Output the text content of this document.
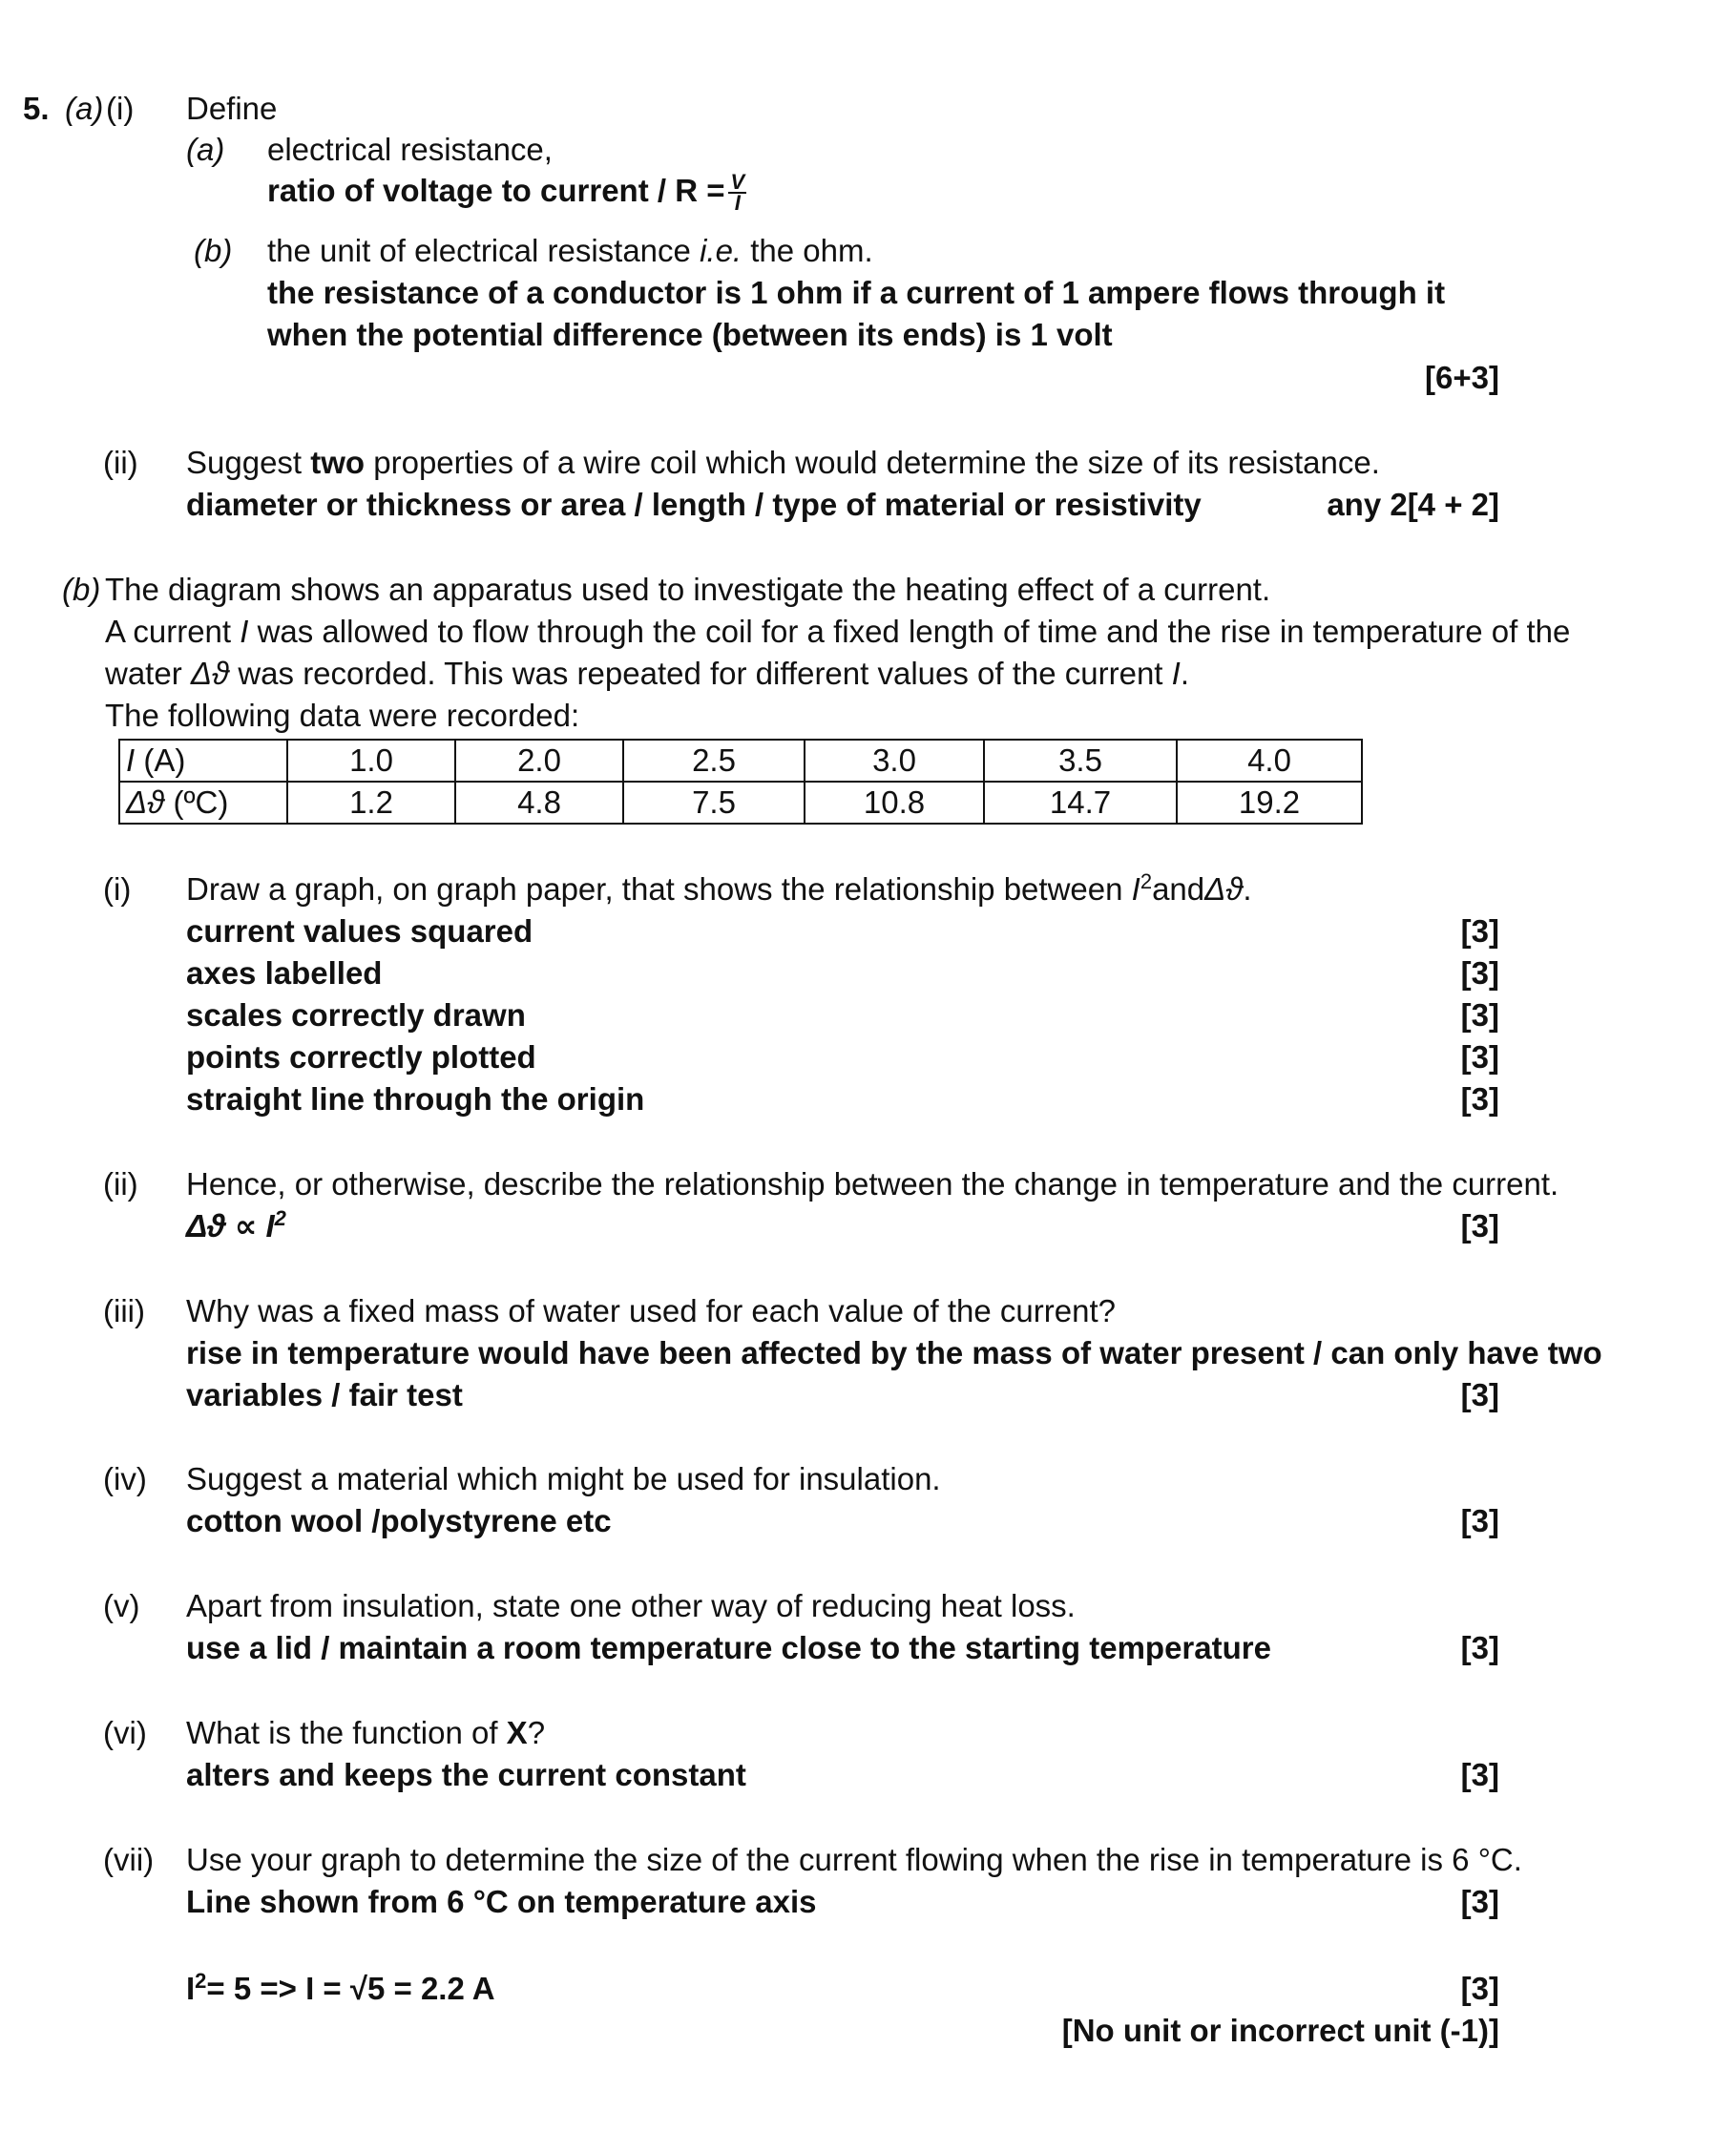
5. (a) (i) Define
(a) electrical resistance,
ratio of voltage to current / $R = \frac{V}{I}$
(b) the unit of electrical resistance i.e. the ohm.
the resistance of a conductor is 1 ohm if a current of 1 ampere flows through it
when the potential difference (between its ends) is 1 volt
[6+3]
(ii) Suggest two properties of a wire coil which would determine the size of its resistance.
diameter or thickness or area / length / type of material or resistivity	any 2[4 + 2]
(b) The diagram shows an apparatus used to investigate the heating effect of a current.
A current I was allowed to flow through the coil for a fixed length of time and the rise in temperature of the
water Δϑ was recorded. This was repeated for different values of the current I.
The following data were recorded:
I (A)	1.0	2.0	2.5	3.0	3.5	4.0
Δϑ (ºC)	1.2	4.8	7.5	10.8	14.7	19.2
(i) Draw a graph, on graph paper, that shows the relationship between $I^2and\Delta ϑ$.
current values squared	[3]
axes labelled	[3]
scales correctly drawn	[3]
points correctly plotted	[3]
straight line through the origin	[3]
(ii) Hence, or otherwise, describe the relationship between the change in temperature and the current.
$\Delta ϑ \propto I^2$	[3]
(iii) Why was a fixed mass of water used for each value of the current?
rise in temperature would have been affected by the mass of water present / can only have two
variables / fair test	[3]
(iv) Suggest a material which might be used for insulation.
cotton wool /polystyrene etc	[3]
(v) Apart from insulation, state one other way of reducing heat loss.
use a lid / maintain a room temperature close to the starting temperature	[3]
(vi) What is the function of X?
alters and keeps the current constant	[3]
(vii) Use your graph to determine the size of the current flowing when the rise in temperature is 6 °C.
Line shown from 6 °C on temperature axis	[3]
$I^2= 5 => I = √5 = 2.2$ A	[3]
[No unit or incorrect unit (-1)]
